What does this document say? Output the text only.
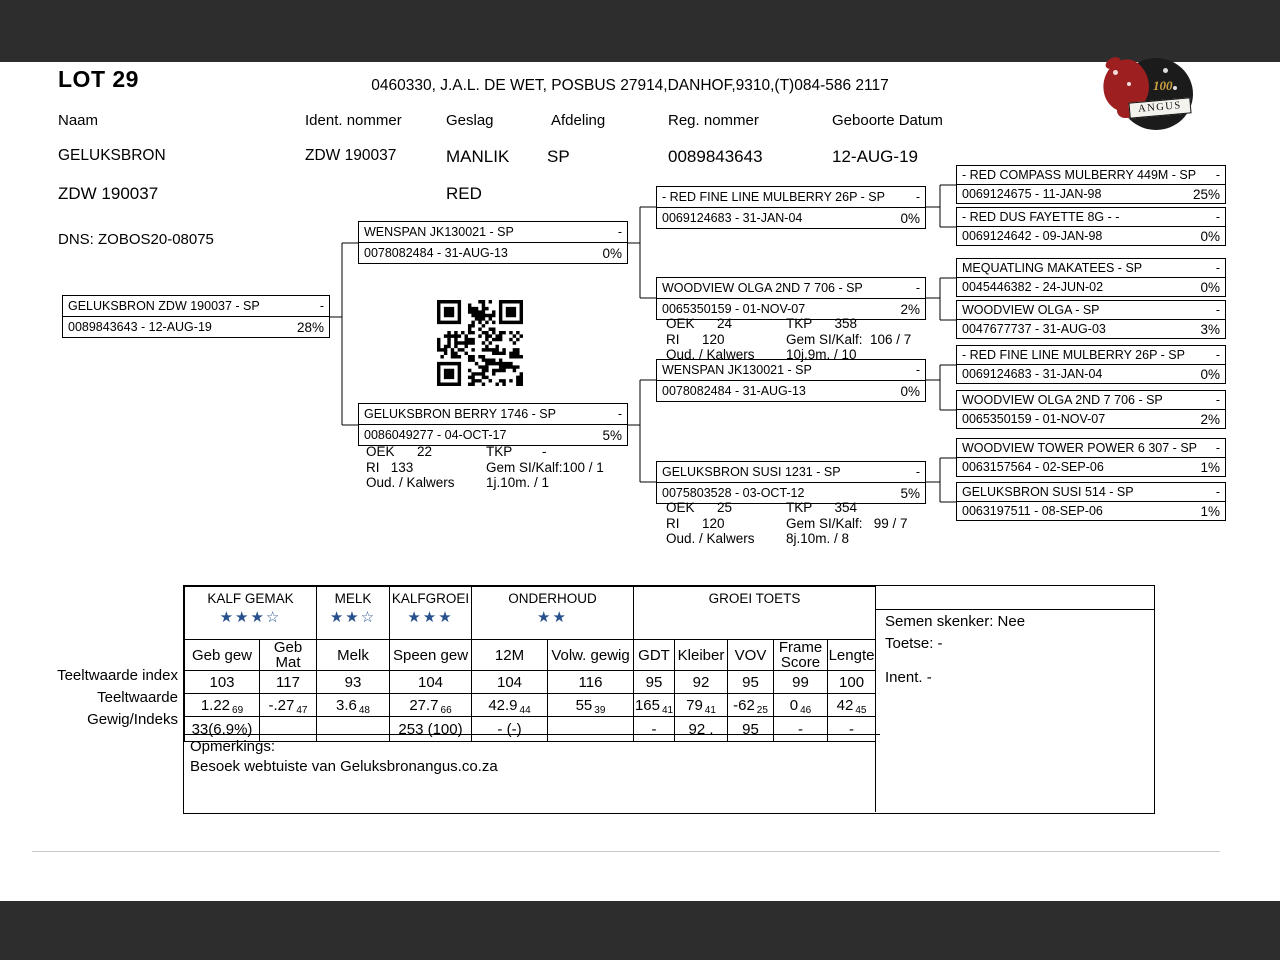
LOT 29	0460330, J.A.L. DE WET, POSBUS 27914,DANHOF,9310,(T)084-586 2117	100
ANGUS
Naam	Ident. nommer	Geslag	Afdeling	Reg. nommer	Geboorte Datum
GELUKSBRON	ZDW 190037	MANLIK SP	0089843643	12-AUG-19
ZDW 190037	RED
DNS: ZOBOS20-08075
GELUKSBRON ZDW 190037 - SP	-
0089843643 - 12-AUG-19	28%
WENSPAN JK130021 - SP	-
0078082484 - 31-AUG-13	0%
GELUKSBRON BERRY 1746 - SP	-
0086049277 - 04-OCT-17	5%
- RED FINE LINE MULBERRY 26P - SP -
0069124683 - 31-JAN-04	0%
WOODVIEW OLGA 2ND 7 706 - SP	-
0065350159 - 01-NOV-07	2%
WENSPAN JK130021 - SP	-
0078082484 - 31-AUG-13	0%
GELUKSBRON SUSI 1231 - SP	-
0075803528 - 03-OCT-12	5%
- RED COMPASS MULBERRY 449M - SP -
0069124675 - 11-JAN-98	25%
- RED DUS FAYETTE 8G - -	-
0069124642 - 09-JAN-98	0%
MEQUATLING MAKATEES - SP	-
0045446382 - 24-JUN-02	0%
WOODVIEW OLGA - SP	-
0047677737 - 31-AUG-03	3%
- RED FINE LINE MULBERRY 26P - SP -
0069124683 - 31-JAN-04	0%
WOODVIEW OLGA 2ND 7 706 - SP	-
0065350159 - 01-NOV-07	2%
WOODVIEW TOWER POWER 6 307 - SP -
0063157564 - 02-SEP-06	1%
GELUKSBRON SUSI 514 - SP	-
0063197511 - 08-SEP-06	1%
OEK      24
RI      120
Oud. / Kalwers
TKP      358
Gem SI/Kalf:  106 / 7
10j.9m. / 10
OEK      22
RI   133
Oud. / Kalwers
TKP        -
Gem SI/Kalf:100 / 1
1j.10m. / 1
OEK      25
RI      120
Oud. / Kalwers
TKP      354
Gem SI/Kalf:   99 / 7
8j.10m. / 8
Teeltwaarde index
Teeltwaarde
Gewig/Indeks
KALF GEMAK
★★★☆

MELK
★★☆

KALFGROEI
★★★

ONDERHOUD
★★

GROEI TOETS

Geb gew	Geb Mat	Melk	Speen gew	12M	Volw. gewig	GDT	Kleiber	VOV	Frame Score	Lengte
103	117	93	104	104	116	95	92	95	99	100
1.22 $_{69}$	-.27 $_{47}$	3.6 $_{48}$	27.7 $_{66}$	42.9 $_{44}$	55 $_{39}$	165 $_{41}$	79 $_{41}$	-62 $_{25}$	0 $_{46}$	42 $_{45}$
33(6.9%)			253 (100)	- (-)		-	92 .	95	-	-
Semen skenker: Nee
Toetse: -
Inent. -
Opmerkings:
Besoek webtuiste van Geluksbronangus.co.za
